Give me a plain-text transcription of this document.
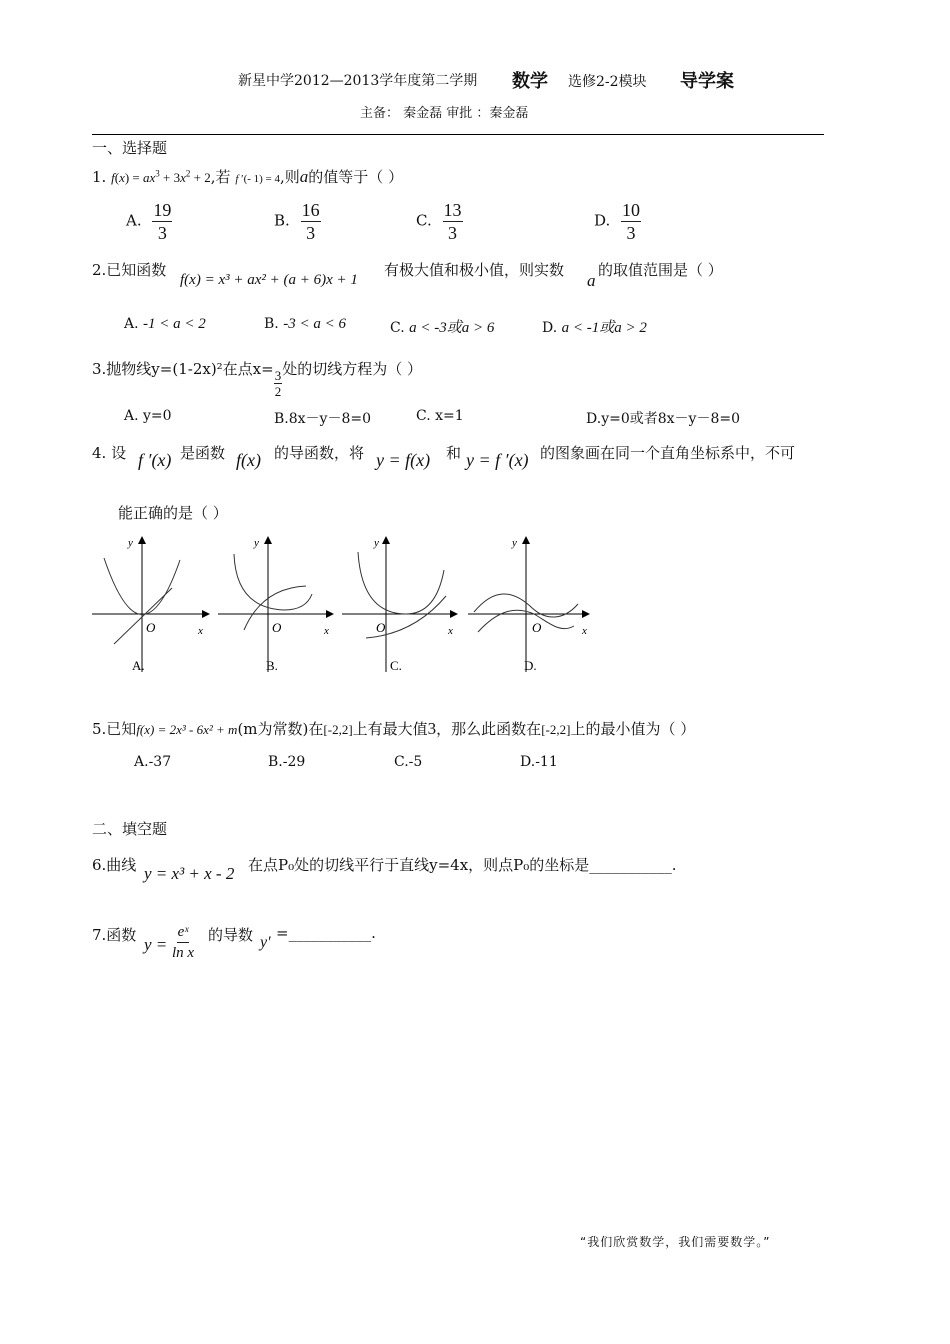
新星中学2012—2013学年度第二学期 数学 选修2-2模块 导学案
主备： 秦金磊 审批 ：秦金磊
一、选择题
1. $f(x) = ax^3 + 3x^2 + 2$,若 f ′(- 1) = 4,则a的值等于（ ）
A. $\frac{19}{3}$	B. $\frac{16}{3}$	C. $\frac{13}{3}$	D. $\frac{10}{3}$
2.已知函数
f(x) = x³ + ax² + (a + 6)x + 1
有极大值和极小值，则实数
a
的取值范围是（ ）
A. -1 < a < 2	B. -3 < a < 6	C. a < -3或a > 6	D. a < -1或a > 2
3.抛物线y=(1-2x)²在点$x= \frac{3}{2}$ 处的切线方程为（ ）
A. y=0	B.8x－y－8=0	C. x=1	D.y=0或者8x－y－8=0
4. 设 f ′(x) 是函数 f(x) 的导函数，将 y = f(x) 和 y = f ′(x) 的图象画在同一个直角坐标系中，不可
能正确的是（ ）
y
x
O
A.
y
x
O
B.
y
x
O
C.
y
x
O
D.
5.已知f(x) = 2x³ - 6x² + m(m为常数)在[-2,2]上有最大值3，那么此函数在[-2,2]上的最小值为（ ）
A.-37	B.-29	C.-5	D.-11
二、填空题
6.曲线 y = x³ + x - 2 在点P₀处的切线平行于直线y=4x，则点P₀的坐标是___________.
7.函数 $y = \frac{\text{eˣ}}{\text{ln x}}$ 的导数 y′
=___________.
“我们欣赏数学，我们需要数学。”
